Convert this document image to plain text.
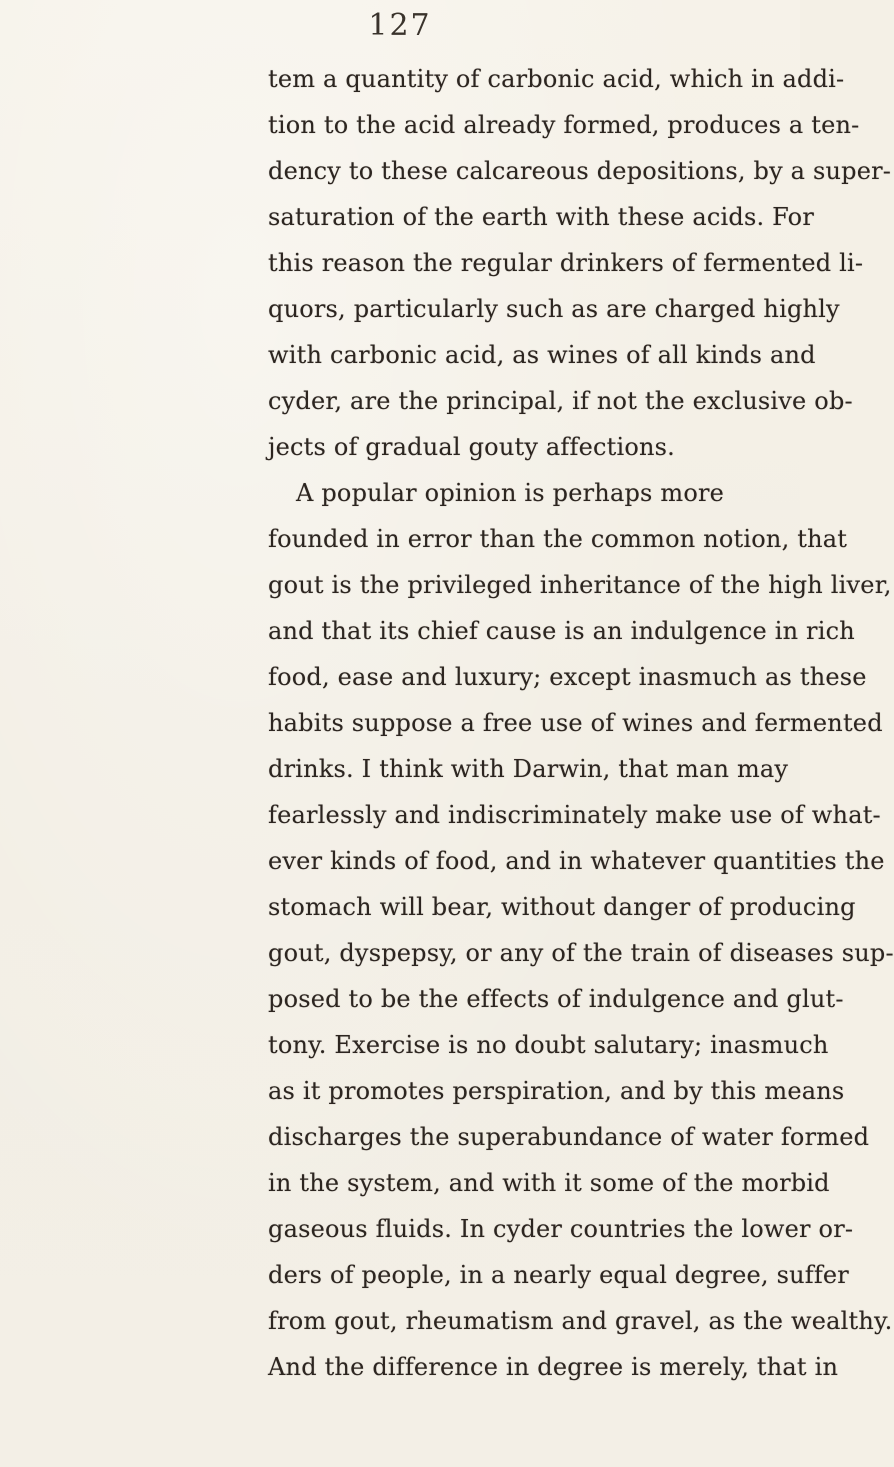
127
tem a quantity of carbonic acid, which in addi-
tion to the acid already formed, produces a ten-
dency to these calcareous depositions, by a super-
saturation of the earth with these acids. For
this reason the regular drinkers of fermented li-
quors, particularly such as are charged highly
with carbonic acid, as wines of all kinds and
cyder, are the principal, if not the exclusive ob-
jects of gradual gouty affections.
A popular opinion is perhaps more
founded in error than the common notion, that
gout is the privileged inheritance of the high liver,
and that its chief cause is an indulgence in rich
food, ease and luxury; except inasmuch as these
habits suppose a free use of wines and fermented
drinks. I think with Darwin, that man may
fearlessly and indiscriminately make use of what-
ever kinds of food, and in whatever quantities the
stomach will bear, without danger of producing
gout, dyspepsy, or any of the train of diseases sup-
posed to be the effects of indulgence and glut-
tony. Exercise is no doubt salutary; inasmuch
as it promotes perspiration, and by this means
discharges the superabundance of water formed
in the system, and with it some of the morbid
gaseous fluids. In cyder countries the lower or-
ders of people, in a nearly equal degree, suffer
from gout, rheumatism and gravel, as the wealthy.
And the difference in degree is merely, that in
